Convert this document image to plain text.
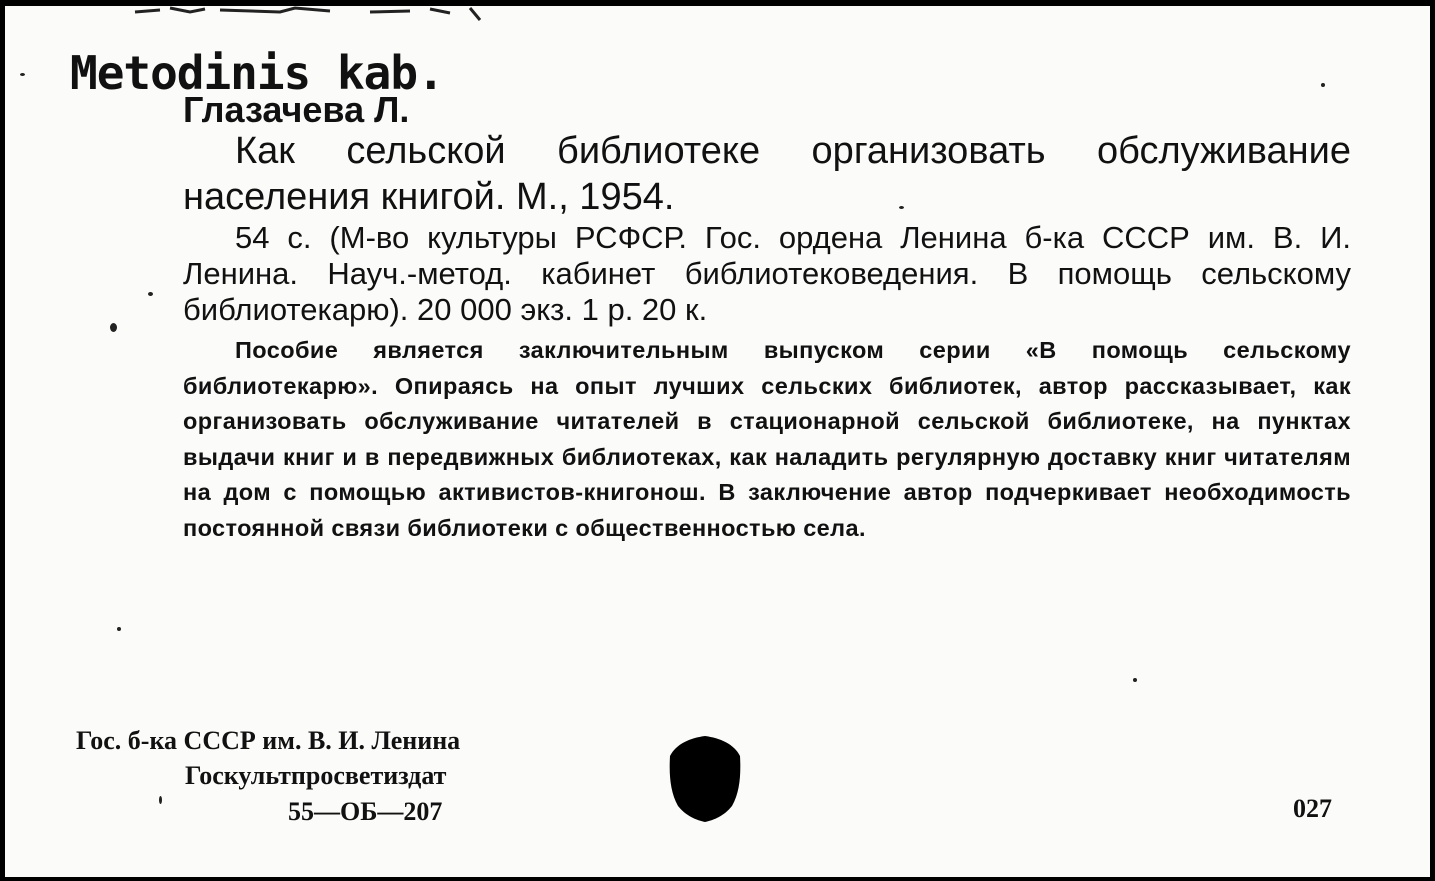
Metodinis kab.
Глазачева Л.

Как сельской библиотеке организовать обслуживание населения книгой. М., 1954.

54 с. (М-во культуры РСФСР. Гос. ордена Ленина б-ка СССР им. В. И. Ленина. Науч.-метод. кабинет библиотековедения. В помощь сельскому библиотекарю). 20 000 экз. 1 р. 20 к.

Пособие является заключительным выпуском серии «В помощь сельскому библиотекарю». Опираясь на опыт лучших сельских библиотек, автор рассказывает, как организовать обслуживание читателей в стационарной сельской библиотеке, на пунктах выдачи книг и в передвижных библиотеках, как наладить регулярную доставку книг читателям на дом с помощью активистов-книгонош. В заключение автор подчеркивает необходимость постоянной связи библиотеки с общественностью села.

Гос. б-ка СССР им. В. И. Ленина
Госкультпросветиздат
55—ОБ—207	027
